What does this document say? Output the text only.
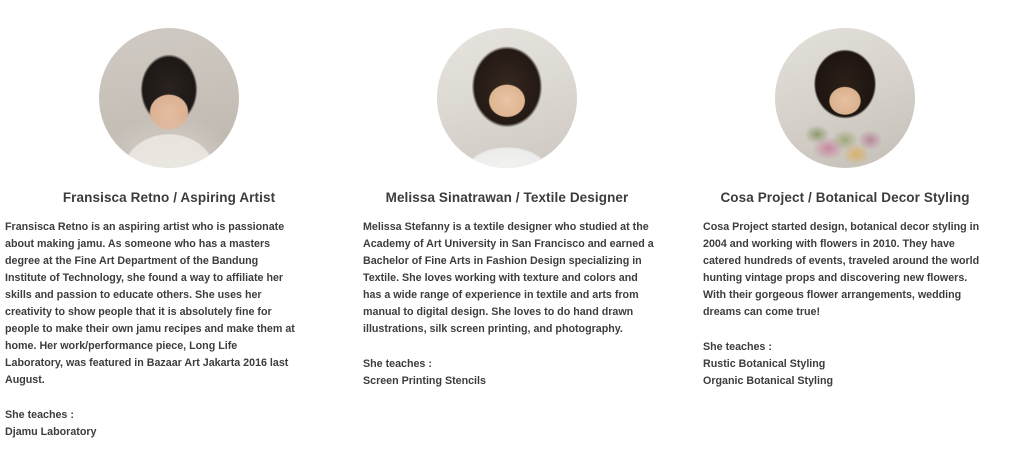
Fransisca Retno / Aspiring Artist

Fransisca Retno is an aspiring artist who is passionate about making jamu. As someone who has a masters degree at the Fine Art Department of the Bandung Institute of Technology, she found a way to affiliate her skills and passion to educate others. She uses her creativity to show people that it is absolutely fine for people to make their own jamu recipes and make them at home. Her work/performance piece, Long Life Laboratory, was featured in Bazaar Art Jakarta 2016 last August.

She teaches :

Djamu Laboratory

Melissa Sinatrawan / Textile Designer

Melissa Stefanny is a textile designer who studied at the Academy of Art University in San Francisco and earned a Bachelor of Fine Arts in Fashion Design specializing in Textile. She loves working with texture and colors and has a wide range of experience in textile and arts from manual to digital design. She loves to do hand drawn illustrations, silk screen printing, and photography.

She teaches :

Screen Printing Stencils

Cosa Project / Botanical Decor Styling

Cosa Project started design, botanical decor styling in 2004 and working with flowers in 2010. They have catered hundreds of events, traveled around the world hunting vintage props and discovering new flowers. With their gorgeous flower arrangements, wedding dreams can come true!

She teaches :

Rustic Botanical Styling
Organic Botanical Styling
